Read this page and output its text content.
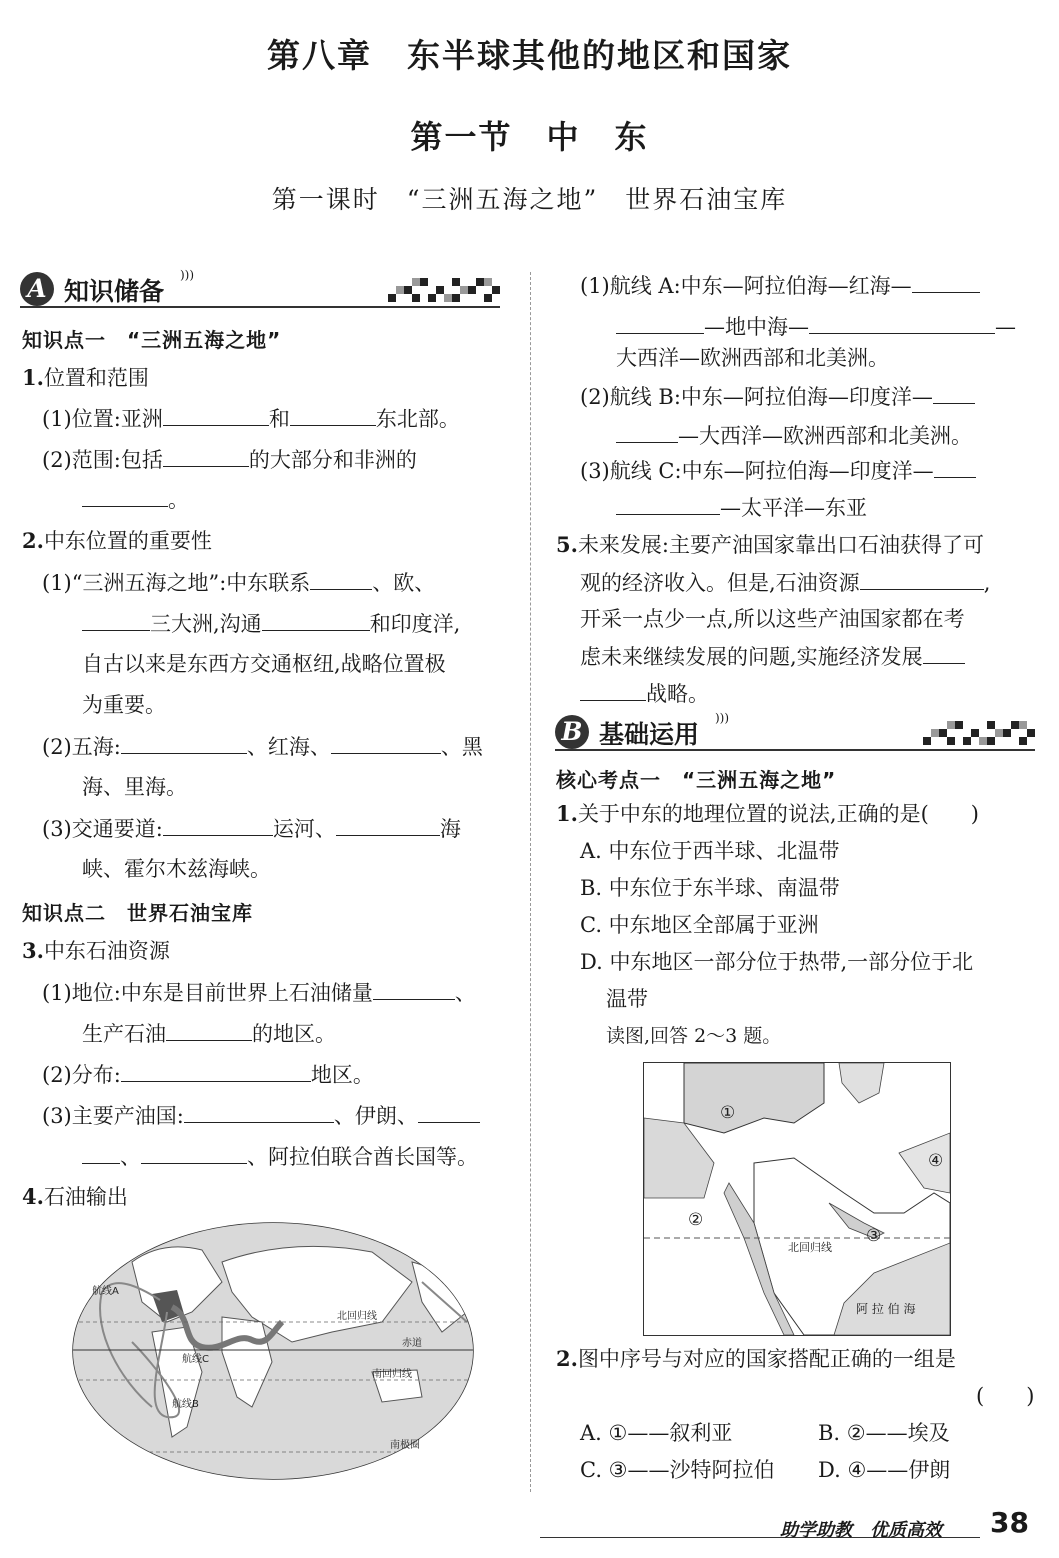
第八章　东半球其他的地区和国家
第一节　中　东
第一课时　“三洲五海之地”　世界石油宝库
A 知识储备
)))
知识点一　“三洲五海之地”
1.位置和范围
(1)位置:亚洲	和	东北部。
(2)范围:包括	的大部分和非洲的
。
2.中东位置的重要性
(1)“三洲五海之地”:中东联系	、欧、
三大洲,沟通	和印度洋,
自古以来是东西方交通枢纽,战略位置极
为重要。
(2)五海:	、红海、	、黑
海、里海。
(3)交通要道:	运河、	海
峡、霍尔木兹海峡。
知识点二　世界石油宝库
3.中东石油资源
(1)地位:中东是目前世界上石油储量	、
生产石油	的地区。
(2)分布:	地区。
(3)主要产油国:	、伊朗、
、	、阿拉伯联合酋长国等。
4.石油输出
航线A
航线B
航线C
北回归线
赤道
南回归线
南极圈
(1)航线 A:中东—阿拉伯海—红海—
—地中海—	—
大西洋—欧洲西部和北美洲。
(2)航线 B:中东—阿拉伯海—印度洋—
—大西洋—欧洲西部和北美洲。
(3)航线 C:中东—阿拉伯海—印度洋—
—太平洋—东亚
5.未来发展:主要产油国家靠出口石油获得了可
观的经济收入。但是,石油资源	,
开采一点少一点,所以这些产油国家都在考
虑未来继续发展的问题,实施经济发展
战略。
B 基础运用
)))
核心考点一　“三洲五海之地”
1.关于中东的地理位置的说法,正确的是(　　)
A. 中东位于西半球、北温带
B. 中东位于东半球、南温带
C. 中东地区全部属于亚洲
D. 中东地区一部分位于热带,一部分位于北
温带
读图,回答 2～3 题。
①
②
③
④
北回归线
阿 拉 伯 海
2.图中序号与对应的国家搭配正确的一组是
(　　)
A. ①——叙利亚	B. ②——埃及
C. ③——沙特阿拉伯 D. ④——伊朗
助学助教　优质高效 38
